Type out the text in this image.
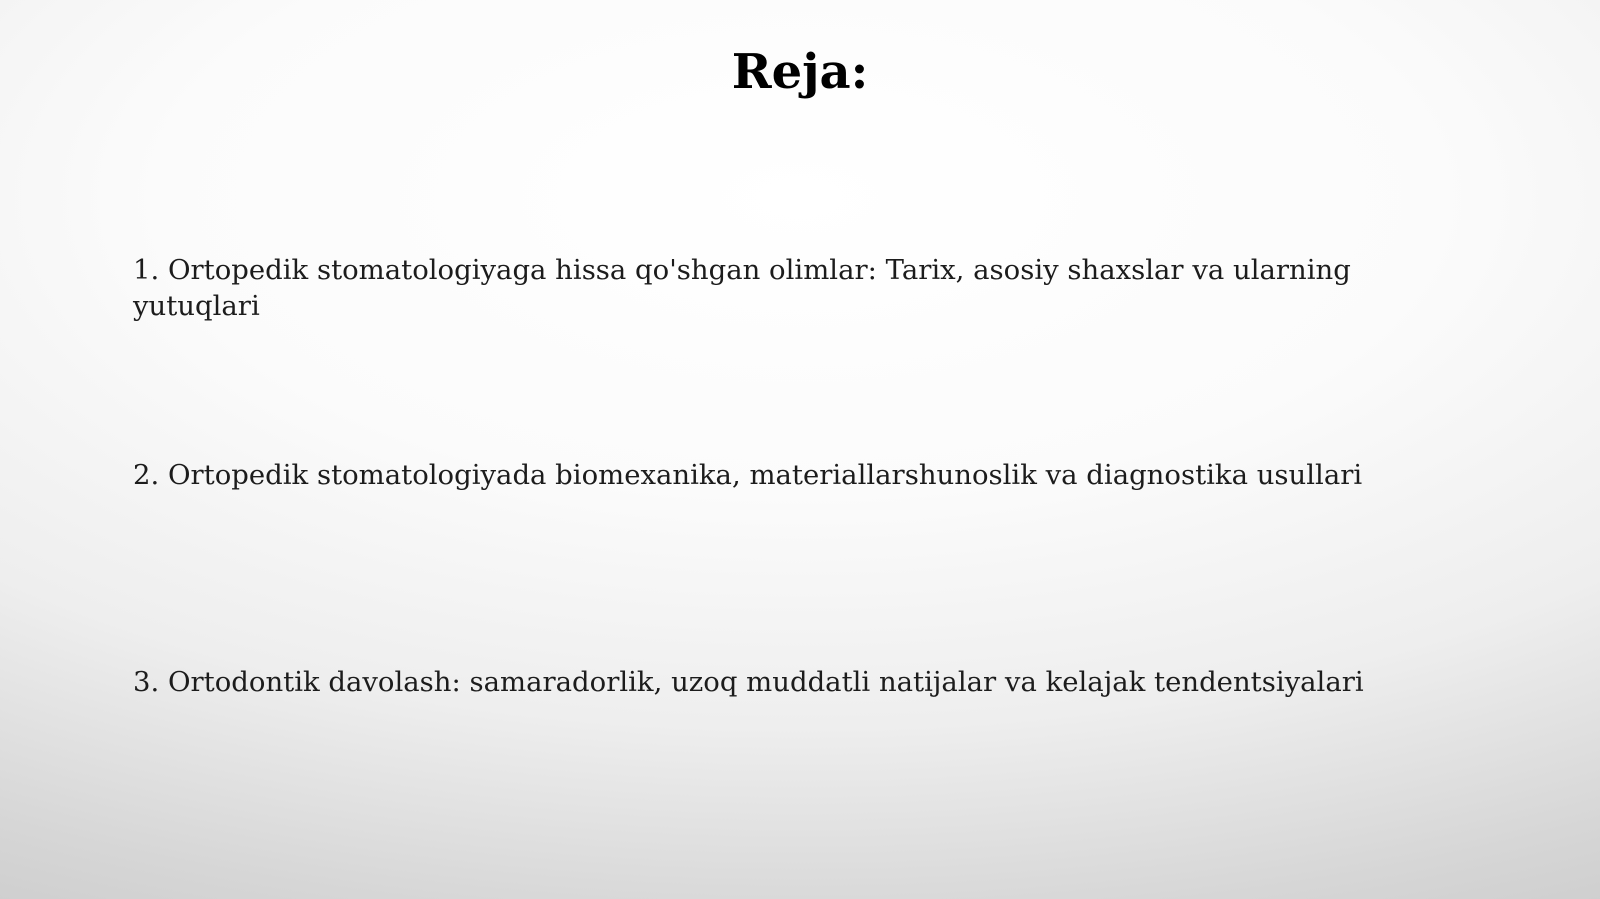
Reja:

1. Ortopedik stomatologiyaga hissa qo'shgan olimlar: Tarix, asosiy shaxslar va ularning yutuqlari

2. Ortopedik stomatologiyada biomexanika, materiallarshunoslik va diagnostika usullari

3. Ortodontik davolash: samaradorlik, uzoq muddatli natijalar va kelajak tendentsiyalari
